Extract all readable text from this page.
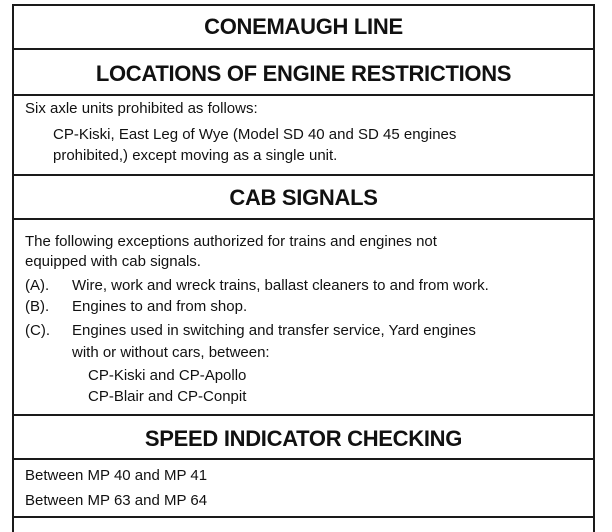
CONEMAUGH LINE
LOCATIONS OF ENGINE RESTRICTIONS
Six axle units prohibited as follows:
CP-Kiski, East Leg of Wye (Model SD 40 and SD 45 engines
prohibited,) except moving as a single unit.
CAB SIGNALS
The following exceptions authorized for trains and engines not
equipped with cab signals.
(A). Wire, work and wreck trains, ballast cleaners to and from work.
(B). Engines to and from shop.
(C). Engines used in switching and transfer service, Yard engines
with or without cars, between:
CP-Kiski and CP-Apollo
CP-Blair and CP-Conpit
SPEED INDICATOR CHECKING
Between MP 40 and MP 41
Between MP 63 and MP 64
